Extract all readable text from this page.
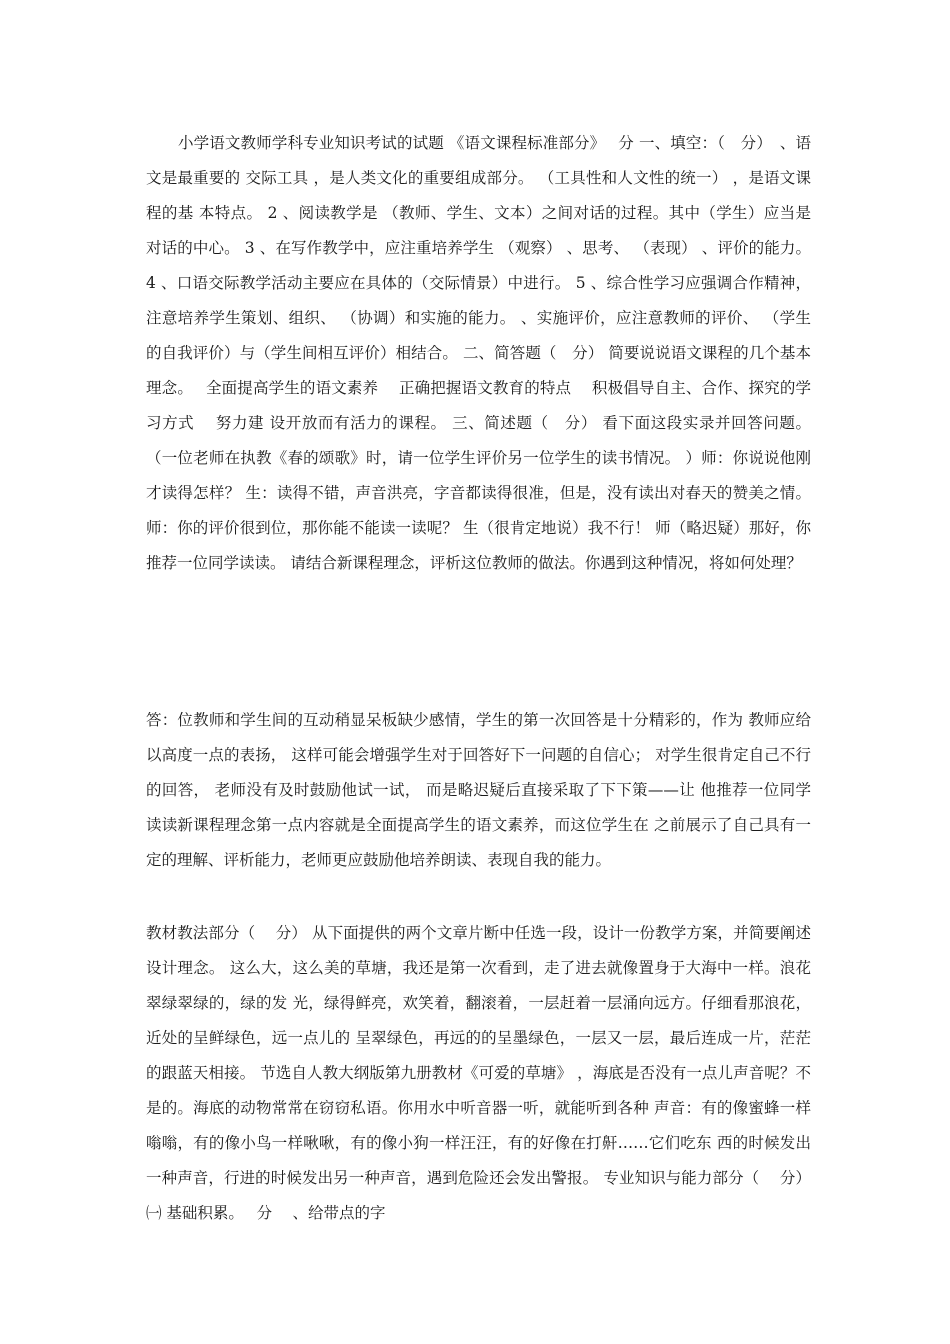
小学语文教师学科专业知识考试的试题 《语文课程标准部分》　 分 一、填空：（　分）　、语文是最重要的 交际工具 ，是人类文化的重要组成部分。 （工具性和人文性的统一） ，是语文课程的基 本特点。 2 、阅读教学是 （教师、学生、文本）之间对话的过程。其中（学生）应当是对话的中心。 3 、在写作教学中，应注重培养学生 （观察） 、思考、 （表现） 、评价的能力。 4 、口语交际教学活动主要应在具体的（交际情景）中进行。 5 、综合性学习应强调合作精神，注意培养学生策划、组织、 （协调）和实施的能力。 、实施评价，应注意教师的评价、 （学生的自我评价）与（学生间相互评价）相结合。 二、简答题（　分） 简要说说语文课程的几个基本理念。　 全面提高学生的语文素养　 正确把握语文教育的特点　 积极倡导自主、合作、探究的学习方式　 努力建 设开放而有活力的课程。 三、简述题（　分） 看下面这段实录并回答问题。 （一位老师在执教《春的颂歌》时，请一位学生评价另一位学生的读书情况。 ）师：你说说他刚才读得怎样？ 生：读得不错，声音洪亮，字音都读得很准，但是，没有读出对春天的赞美之情。 师：你的评价很到位，那你能不能读一读呢？ 生（很肯定地说）我不行！ 师（略迟疑）那好，你推荐一位同学读读。 请结合新课程理念，评析这位教师的做法。你遇到这种情况，将如何处理？

答：位教师和学生间的互动稍显呆板缺少感情，学生的第一次回答是十分精彩的，作为 教师应给以高度一点的表扬， 这样可能会增强学生对于回答好下一问题的自信心； 对学生很肯定自己不行的回答， 老师没有及时鼓励他试一试， 而是略迟疑后直接采取了下下策——让 他推荐一位同学读读新课程理念第一点内容就是全面提高学生的语文素养，而这位学生在 之前展示了自己具有一定的理解、评析能力，老师更应鼓励他培养朗读、表现自我的能力。

教材教法部分（　 分） 从下面提供的两个文章片断中任选一段，设计一份教学方案，并简要阐述设计理念。 这么大，这么美的草塘，我还是第一次看到，走了进去就像置身于大海中一样。浪花翠绿翠绿的，绿的发 光，绿得鲜亮，欢笑着，翻滚着，一层赶着一层涌向远方。仔细看那浪花，近处的呈鲜绿色，远一点儿的 呈翠绿色，再远的的呈墨绿色，一层又一层，最后连成一片，茫茫的跟蓝天相接。 节选自人教大纲版第九册教材《可爱的草塘》 ，海底是否没有一点儿声音呢？不是的。海底的动物常常在窃窃私语。你用水中听音器一听，就能听到各种 声音：有的像蜜蜂一样嗡嗡，有的像小鸟一样啾啾，有的像小狗一样汪汪，有的好像在打鼾……它们吃东 西的时候发出一种声音，行进的时候发出另一种声音，遇到危险还会发出警报。 专业知识与能力部分（　 分） ㈠ 基础积累。　 分　 、给带点的字
